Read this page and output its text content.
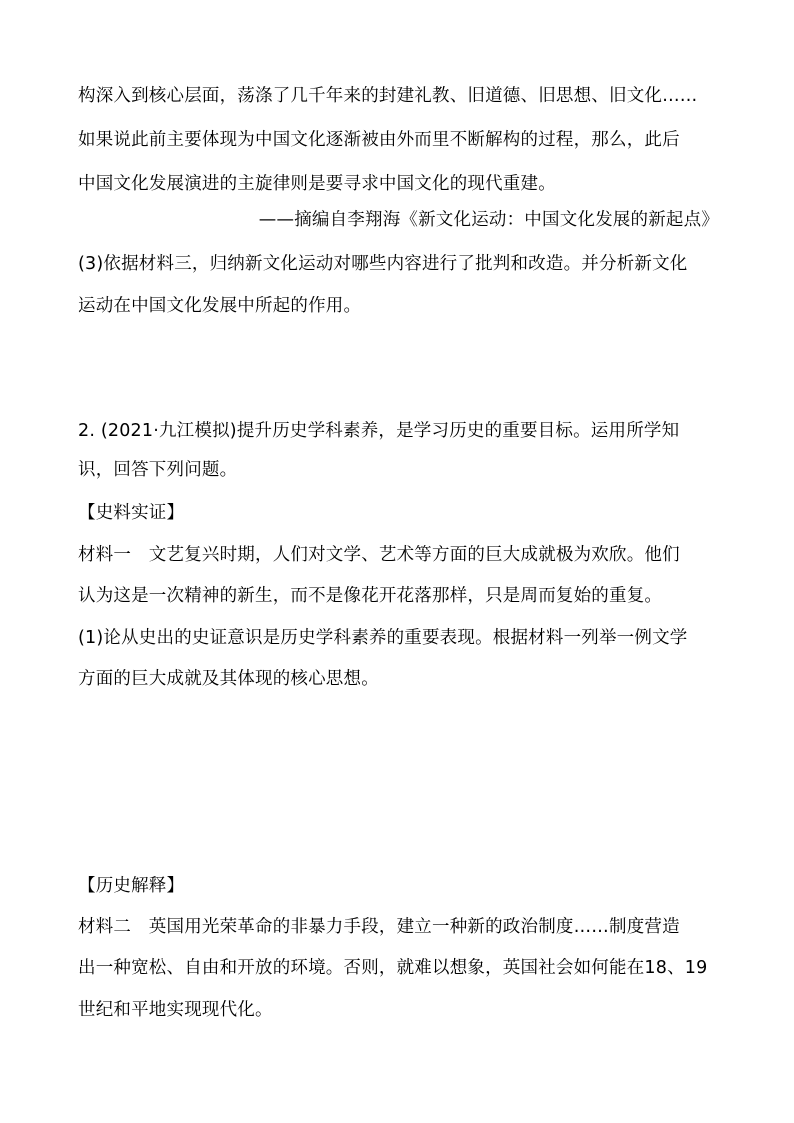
构深入到核心层面，荡涤了几千年来的封建礼教、旧道德、旧思想、旧文化……
如果说此前主要体现为中国文化逐渐被由外而里不断解构的过程，那么，此后
中国文化发展演进的主旋律则是要寻求中国文化的现代重建。
——摘编自李翔海《新文化运动：中国文化发展的新起点》
(3)依据材料三，归纳新文化运动对哪些内容进行了批判和改造。并分析新文化
运动在中国文化发展中所起的作用。
2. (2021·九江模拟)提升历史学科素养，是学习历史的重要目标。运用所学知
识，回答下列问题。
【史料实证】
材料一　文艺复兴时期，人们对文学、艺术等方面的巨大成就极为欢欣。他们
认为这是一次精神的新生，而不是像花开花落那样，只是周而复始的重复。
(1)论从史出的史证意识是历史学科素养的重要表现。根据材料一列举一例文学
方面的巨大成就及其体现的核心思想。
【历史解释】
材料二　英国用光荣革命的非暴力手段，建立一种新的政治制度……制度营造
出一种宽松、自由和开放的环境。否则，就难以想象，英国社会如何能在18、19
世纪和平地实现现代化。
